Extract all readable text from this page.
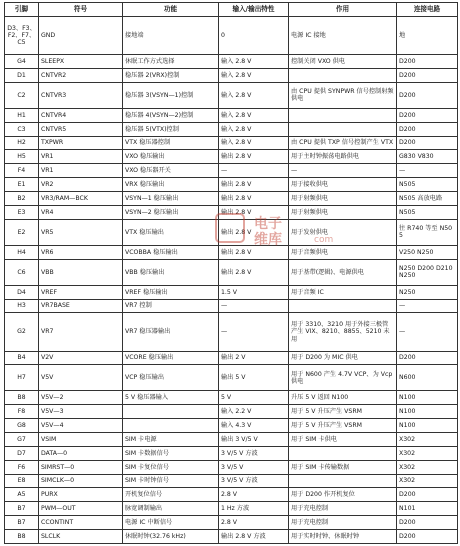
引脚	符号	功能	输入/输出特性	作用	连接电路
D3、F3、F2、F7、C5	GND	接地端	0	电源 IC 接地	地
G4	SLEEPX	休眠工作方式选择	输入 2.8 V	控制关闭 VXO 供电	D200
D1	CNTVR2	稳压器 2(VRX)控制	输入 2.8 V		D200
C2	CNTVR3	稳压器 3(VSYN—1)控制	输入 2.8 V	由 CPU 提供 SYNPWR 信号控制射频供电	D200
H1	CNTVR4	稳压器 4(VSYN—2)控制	输入 2.8 V		D200
C3	CNTVR5	稳压器 5(VTX)控制	输入 2.8 V		D200
H2	TXPWR	VTX 稳压器控制	输入 2.8 V	由 CPU 提供 TXP 信号控制产生 VTX	D200
H5	VR1	VXO 稳压输出	输出 2.8 V	用于主时钟振荡电路供电	G830 V830
F4	VR1	VXO 稳压器开关	—	—	—
E1	VR2	VRX 稳压输出	输出 2.8 V	用于接收供电	N505
B2	VR3/RAM—BCK	VSYN—1 稳压输出	输出 2.8 V	用于射频供电	N505 高放电路
E3	VR4	VSYN—2 稳压输出	输出 2.8 V	用于射频供电	N505
E2	VR5	VTX 稳压输出	输出 2.8 V	用于发射供电	往 R740 等至 N505
H4	VR6	VCOBBA 稳压输出	输出 2.8 V	用于音频供电	V250 N250
C6	VBB	VBB 稳压输出	输出 2.8 V	用于基带(逻辑)、电源供电	N250 D200 D210 N250
D4	VREF	VREF 稳压输出	1.5 V	用于音频 IC	N250
H3	VR7BASE	VR7 控制	—		—
G2	VR7	VR7 稳压器输出	—	用于 3310、3210 用于外接三极管产生 VIX、8210、8855、5210 未用	—
B4	V2V	VCORE 稳压输出	输出 2 V	用于 D200 为 MIC 供电	D200
H7	V5V	VCP 稳压输出	输出 5 V	用于 N600 产生 4.7V VCP、为 Vcp 供电	N600
B8	V5V—2	5 V 稳压器输入	5 V	升压 5 V 返回 N100	N100
F8	V5V—3		输入 2.2 V	用于 5 V 升压产生 VSRM	N100
G8	V5V—4		输入 4.3 V	用于 5 V 升压产生 VSRM	N100
G7	VSIM	SIM 卡电源	输出 3 V/5 V	用于 SIM 卡供电	X302
D7	DATA—0	SIM 卡数据信号	3 V/5 V 方波		X302
F6	SIMRST—0	SIM 卡复位信号	3 V/5 V	用于 SIM 卡传输数据	X302
E8	SIMCLK—0	SIM 卡时钟信号	3 V/5 V 方波		X302
A5	PURX	开机复位信号	2.8 V	用于 D200 作开机复位	D200
B7	PWM—OUT	脉宽调制输出	1 Hz 方波	用于充电控制	N101
B7	CCONTINT	电源 IC 中断信号	2.8 V	用于充电控制	D200
B8	SLCLK	休眠时钟(32.76 kHz)	输出 2.8 V 方波	用于实时时钟、休眠时钟	D200
电子
维库	com
